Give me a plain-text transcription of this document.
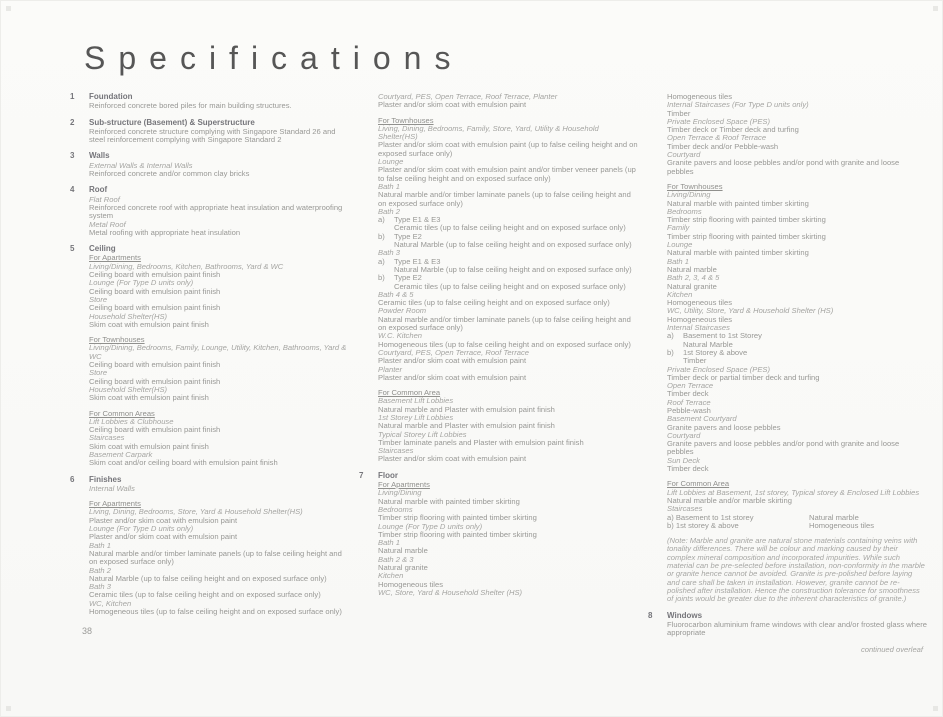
Specifications
1 Foundation
Reinforced concrete bored piles for main building structures.
2 Sub-structure (Basement) & Superstructure
Reinforced concrete structure complying with Singapore Standard 26 and steel reinforcement complying with Singapore Standard 2
3 Walls
External Walls & Internal Walls
Reinforced concrete and/or common clay bricks
4 Roof
Flat Roof
Reinforced concrete roof with appropriate heat insulation and waterproofing system
Metal Roof
Metal roofing with appropriate heat insulation
5 Ceiling
For Apartments
Living/Dining, Bedrooms, Kitchen, Bathrooms, Yard & WC
Ceiling board with emulsion paint finish
Lounge (For Type D units only)
Ceiling board with emulsion paint finish
Store
Ceiling board with emulsion paint finish
Household Shelter(HS)
Skim coat with emulsion paint finish
For Townhouses
Living/Dining, Bedrooms, Family, Lounge, Utility, Kitchen, Bathrooms, Yard & WC
Ceiling board with emulsion paint finish
Store
Ceiling board with emulsion paint finish
Household Shelter(HS)
Skim coat with emulsion paint finish
For Common Areas
Lift Lobbies & Clubhouse
Ceiling board with emulsion paint finish
Staircases
Skim coat with emulsion paint finish
Basement Carpark
Skim coat and/or ceiling board with emulsion paint finish
6 Finishes
Internal Walls
For Apartments
Living, Dining, Bedrooms, Store, Yard & Household Shelter(HS)
Plaster and/or skim coat with emulsion paint
Lounge (For Type D units only)
Plaster and/or skim coat with emulsion paint
Bath 1
Natural marble and/or timber laminate panels (up to false ceiling height and on exposed surface only)
Bath 2
Natural Marble (up to false ceiling height and on exposed surface only)
Bath 3
Ceramic tiles (up to false ceiling height and on exposed surface only)
WC, Kitchen
Homogeneous tiles (up to false ceiling height and on exposed surface only)
Courtyard, PES, Open Terrace, Roof Terrace, Planter
Plaster and/or skim coat with emulsion paint
For Townhouses
Living, Dining, Bedrooms, Family, Store, Yard, Utility & Household Shelter(HS)
Plaster and/or skim coat with emulsion paint (up to false ceiling height and on exposed surface only)
Lounge
Plaster and/or skim coat with emulsion paint and/or timber veneer panels (up to false ceiling height and on exposed surface only)
Bath 1
Natural marble and/or timber laminate panels (up to false ceiling height and on exposed surface only)
Bath 2
a)	Type E1 & E3
Ceramic tiles (up to false ceiling height and on exposed surface only)
b)	Type E2
Natural Marble (up to false ceiling height and on exposed surface only)
Bath 3
a)	Type E1 & E3
Natural Marble (up to false ceiling height and on exposed surface only)
b)	Type E2
Ceramic tiles (up to false ceiling height and on exposed surface only)
Bath 4 & 5
Ceramic tiles (up to false ceiling height and on exposed surface only)
Powder Room
Natural marble and/or timber laminate panels (up to false ceiling height and on exposed surface only)
W.C. Kitchen
Homogeneous tiles (up to false ceiling height and on exposed surface only)
Courtyard, PES, Open Terrace, Roof Terrace
Plaster and/or skim coat with emulsion paint
Planter
Plaster and/or skim coat with emulsion paint
For Common Area
Basement Lift Lobbies
Natural marble and Plaster with emulsion paint finish
1st Storey Lift Lobbies
Natural marble and Plaster with emulsion paint finish
Typical Storey Lift Lobbies
Timber laminate panels and Plaster with emulsion paint finish
Staircases
Plaster and/or skim coat with emulsion paint
7 Floor
For Apartments
Living/Dining
Natural marble with painted timber skirting
Bedrooms
Timber strip flooring with painted timber skirting
Lounge (For Type D units only)
Timber strip flooring with painted timber skirting
Bath 1
Natural marble
Bath 2 & 3
Natural granite
Kitchen
Homogeneous tiles
WC, Store, Yard & Household Shelter (HS)
Homogeneous tiles
Internal Staircases (For Type D units only)
Timber
Private Enclosed Space (PES)
Timber deck or Timber deck and turfing
Open Terrace & Roof Terrace
Timber deck and/or Pebble-wash
Courtyard
Granite pavers and loose pebbles and/or pond with granite and loose pebbles
For Townhouses
Living/Dining
Natural marble with painted timber skirting
Bedrooms
Timber strip flooring with painted timber skirting
Family
Timber strip flooring with painted timber skirting
Lounge
Natural marble with painted timber skirting
Bath 1
Natural marble
Bath 2, 3, 4 & 5
Natural granite
Kitchen
Homogeneous tiles
WC, Utility, Store, Yard & Household Shelter (HS)
Homogeneous tiles
Internal Staircases
a)	Basement to 1st Storey
Natural Marble
b)	1st Storey & above
Timber
Private Enclosed Space (PES)
Timber deck or partial timber deck and turfing
Open Terrace
Timber deck
Roof Terrace
Pebble-wash
Basement Courtyard
Granite pavers and loose pebbles
Courtyard
Granite pavers and loose pebbles and/or pond with granite and loose pebbles
Sun Deck
Timber deck
For Common Area
Lift Lobbies at Basement, 1st storey, Typical storey & Enclosed Lift Lobbies
Natural marble and/or marble skirting
Staircases
a) Basement to 1st storey	Natural marble
b) 1st storey & above	Homogeneous tiles
(Note: Marble and granite are natural stone materials containing veins with tonality differences. There will be colour and marking caused by their complex mineral composition and incorporated impurities. While such material can be pre-selected before installation, non-conformity in the marble or granite hence cannot be avoided. Granite is pre-polished before laying and care shall be taken in installation. However, granite cannot be re-polished after installation. Hence the construction tolerance for smoothness of joints would be greater due to the inherent characteristics of granite.)
8 Windows
Fluorocarbon aluminium frame windows with clear and/or frosted glass where appropriate
continued overleaf
38
